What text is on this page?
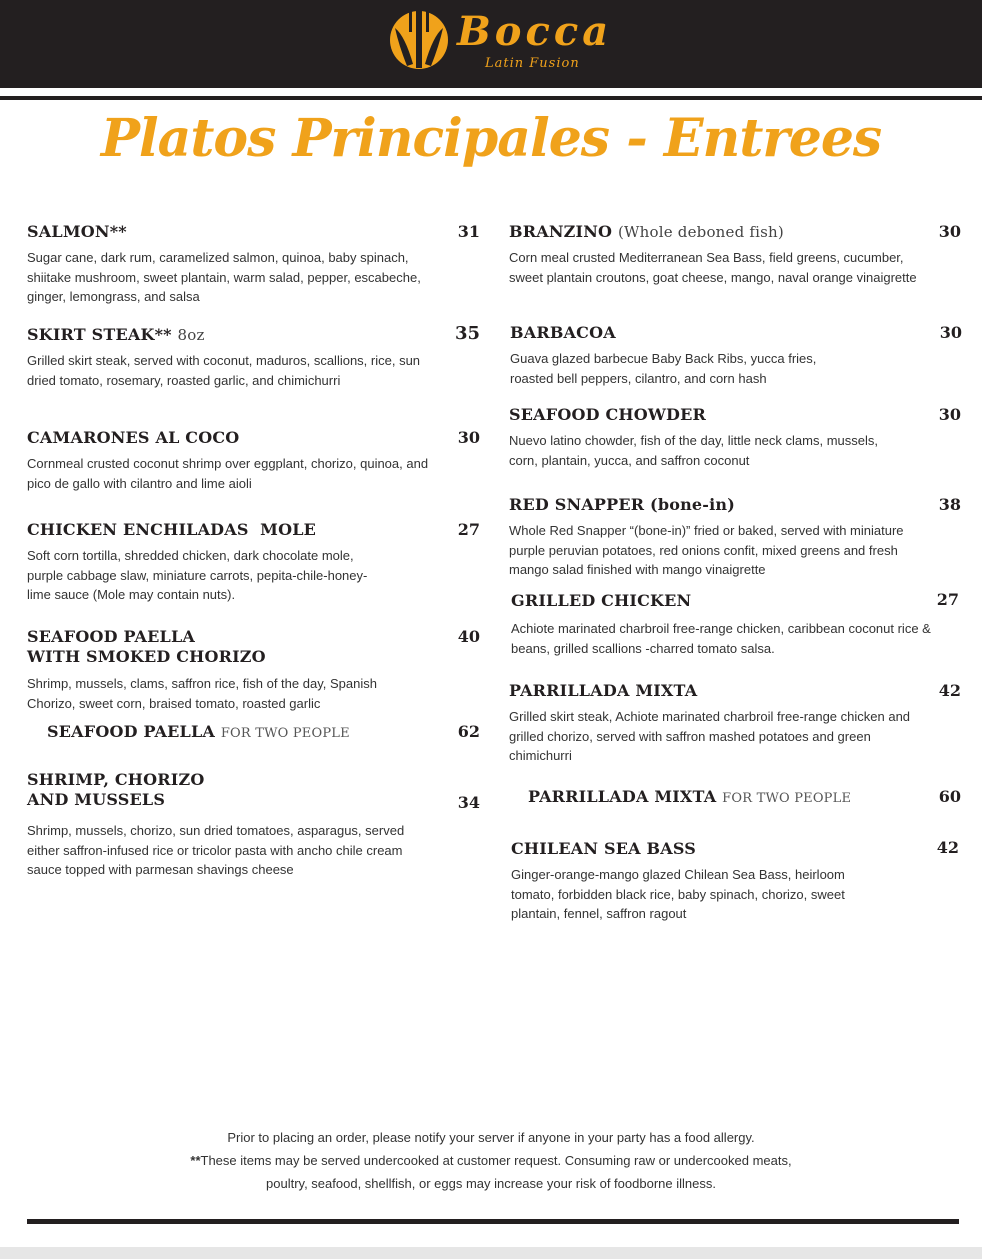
Bocca
Latin Fusion
Platos Principales - Entrees
SALMON**
Sugar cane, dark rum, caramelized salmon, quinoa, baby spinach, shiitake mushroom, sweet plantain, warm salad, pepper, escabeche, ginger, lemongrass, and salsa
31
SKIRT STEAK** 8oz
Grilled skirt steak, served with coconut, maduros, scallions, rice, sun dried tomato, rosemary, roasted garlic, and chimichurri
35
CAMARONES AL COCO
Cornmeal crusted coconut shrimp over eggplant, chorizo, quinoa, and pico de gallo with cilantro and lime aioli
30
CHICKEN ENCHILADAS  MOLE
Soft corn tortilla, shredded chicken, dark chocolate mole, purple cabbage slaw, miniature carrots, pepita-chile-honey-lime sauce (Mole may contain nuts).
27
SEAFOOD PAELLA
WITH SMOKED CHORIZO
Shrimp, mussels, clams, saffron rice, fish of the day, Spanish Chorizo, sweet corn, braised tomato, roasted garlic
40
SEAFOOD PAELLA FOR TWO PEOPLE	62
SHRIMP, CHORIZO
AND MUSSELS
Shrimp, mussels, chorizo, sun dried tomatoes, asparagus, served either saffron-infused rice or tricolor pasta with ancho chile cream sauce topped with parmesan shavings cheese
34
BRANZINO (Whole deboned fish)
Corn meal crusted Mediterranean Sea Bass, field greens, cucumber, sweet plantain croutons, goat cheese, mango, naval orange vinaigrette
30
BARBACOA
Guava glazed barbecue Baby Back Ribs, yucca fries, roasted bell peppers, cilantro, and corn hash
30
SEAFOOD CHOWDER
Nuevo latino chowder, fish of the day, little neck clams, mussels, corn, plantain, yucca, and saffron coconut
30
RED SNAPPER (bone-in)
Whole Red Snapper “(bone-in)” fried or baked, served with miniature purple peruvian potatoes, red onions confit, mixed greens and fresh mango salad finished with mango vinaigrette
38
GRILLED CHICKEN
Achiote marinated charbroil free-range chicken, caribbean coconut rice & beans, grilled scallions -charred tomato salsa.
27
PARRILLADA MIXTA
Grilled skirt steak, Achiote marinated charbroil free-range chicken and grilled chorizo, served with saffron mashed potatoes and green chimichurri
42
PARRILLADA MIXTA FOR TWO PEOPLE	60
CHILEAN SEA BASS
Ginger-orange-mango glazed Chilean Sea Bass, heirloom tomato, forbidden black rice, baby spinach, chorizo, sweet plantain, fennel, saffron ragout
42
Prior to placing an order, please notify your server if anyone in your party has a food allergy.
**These items may be served undercooked at customer request. Consuming raw or undercooked meats,
poultry, seafood, shellfish, or eggs may increase your risk of foodborne illness.
